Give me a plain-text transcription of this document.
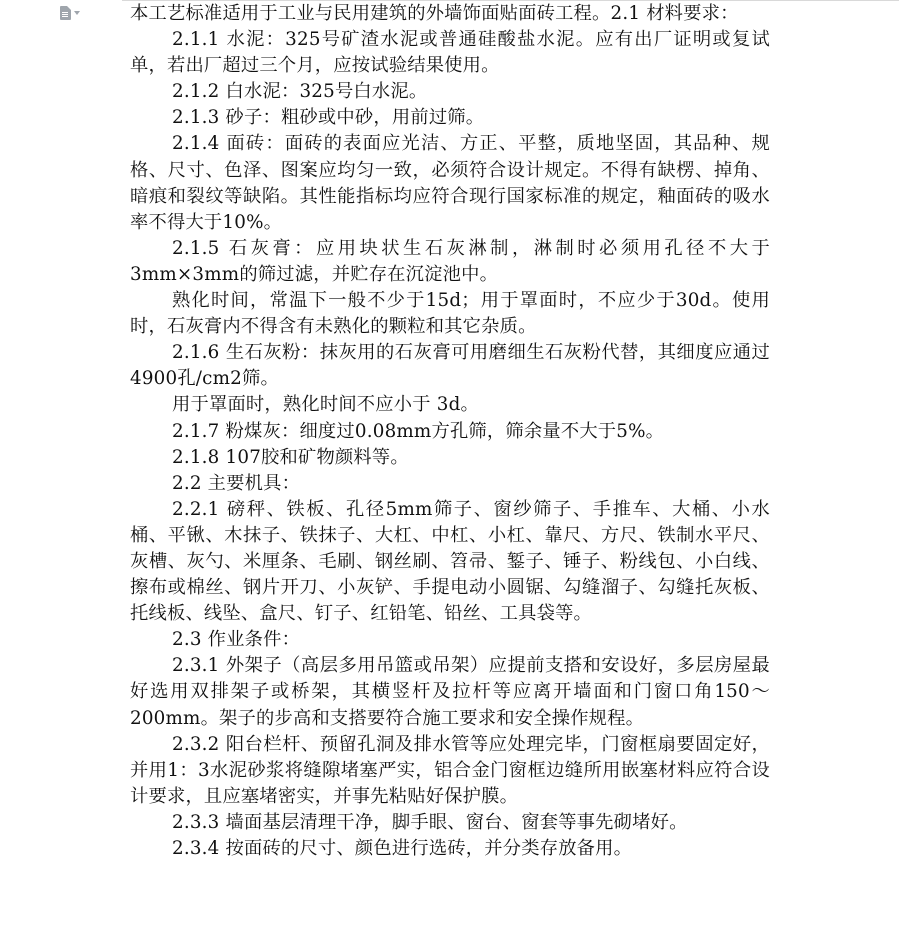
本工艺标准适用于工业与民用建筑的外墙饰面贴面砖工程。2.1 材料要求：

2.1.1 水泥：325号矿渣水泥或普通硅酸盐水泥。应有出厂证明或复试单，若出厂超过三个月，应按试验结果使用。

2.1.2 白水泥：325号白水泥。

2.1.3 砂子：粗砂或中砂，用前过筛。

2.1.4 面砖：面砖的表面应光洁、方正、平整，质地坚固，其品种、规格、尺寸、色泽、图案应均匀一致，必须符合设计规定。不得有缺楞、掉角、暗痕和裂纹等缺陷。其性能指标均应符合现行国家标准的规定，釉面砖的吸水率不得大于10%。

2.1.5 石灰膏：应用块状生石灰淋制，淋制时必须用孔径不大于3mm×3mm的筛过滤，并贮存在沉淀池中。

熟化时间，常温下一般不少于15d；用于罩面时，不应少于30d。使用时，石灰膏内不得含有未熟化的颗粒和其它杂质。

2.1.6 生石灰粉：抹灰用的石灰膏可用磨细生石灰粉代替，其细度应通过4900孔/cm2筛。

用于罩面时，熟化时间不应小于 3d。

2.1.7 粉煤灰：细度过0.08mm方孔筛，筛余量不大于5%。

2.1.8 107胶和矿物颜料等。

2.2 主要机具：

2.2.1 磅秤、铁板、孔径5mm筛子、窗纱筛子、手推车、大桶、小水桶、平锹、木抹子、铁抹子、大杠、中杠、小杠、靠尺、方尺、铁制水平尺、灰槽、灰勺、米厘条、毛刷、钢丝刷、笤帚、錾子、锤子、粉线包、小白线、擦布或棉丝、钢片开刀、小灰铲、手提电动小圆锯、勾缝溜子、勾缝托灰板、托线板、线坠、盒尺、钉子、红铅笔、铅丝、工具袋等。

2.3 作业条件：

2.3.1 外架子（高层多用吊篮或吊架）应提前支搭和安设好，多层房屋最好选用双排架子或桥架，其横竖杆及拉杆等应离开墙面和门窗口角150～200mm。架子的步高和支搭要符合施工要求和安全操作规程。

2.3.2 阳台栏杆、预留孔洞及排水管等应处理完毕，门窗框扇要固定好，并用1：3水泥砂浆将缝隙堵塞严实，铝合金门窗框边缝所用嵌塞材料应符合设计要求，且应塞堵密实，并事先粘贴好保护膜。

2.3.3 墙面基层清理干净，脚手眼、窗台、窗套等事先砌堵好。

2.3.4 按面砖的尺寸、颜色进行选砖，并分类存放备用。
